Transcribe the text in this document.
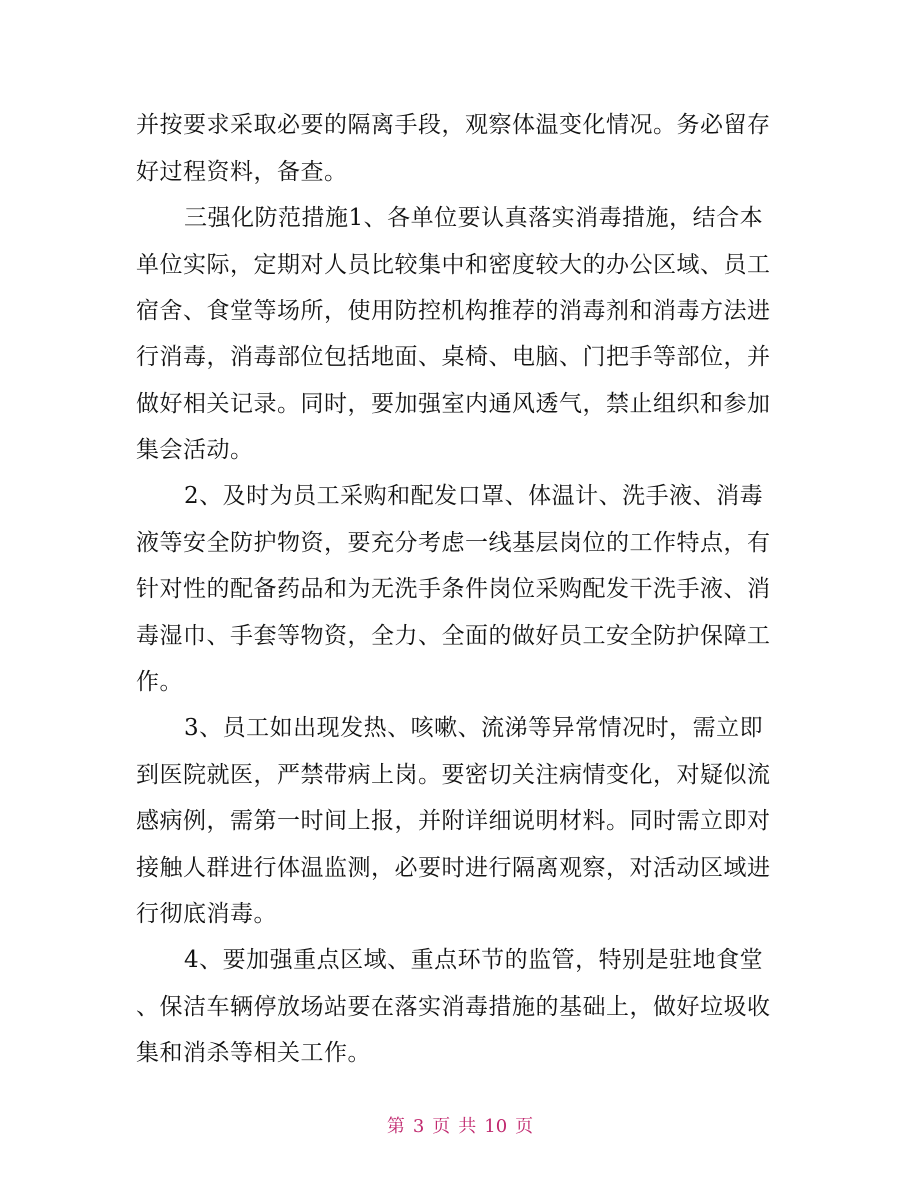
并按要求采取必要的隔离手段，观察体温变化情况。务必留存
好过程资料，备查。
三强化防范措施1、各单位要认真落实消毒措施，结合本
单位实际，定期对人员比较集中和密度较大的办公区域、员工
宿舍、食堂等场所，使用防控机构推荐的消毒剂和消毒方法进
行消毒，消毒部位包括地面、桌椅、电脑、门把手等部位，并
做好相关记录。同时，要加强室内通风透气，禁止组织和参加
集会活动。
2、及时为员工采购和配发口罩、体温计、洗手液、消毒
液等安全防护物资，要充分考虑一线基层岗位的工作特点，有
针对性的配备药品和为无洗手条件岗位采购配发干洗手液、消
毒湿巾、手套等物资，全力、全面的做好员工安全防护保障工
作。
3、员工如出现发热、咳嗽、流涕等异常情况时，需立即
到医院就医，严禁带病上岗。要密切关注病情变化，对疑似流
感病例，需第一时间上报，并附详细说明材料。同时需立即对
接触人群进行体温监测，必要时进行隔离观察，对活动区域进
行彻底消毒。
4、要加强重点区域、重点环节的监管，特别是驻地食堂
、保洁车辆停放场站要在落实消毒措施的基础上，做好垃圾收
集和消杀等相关工作。
第 3 页 共 10 页
